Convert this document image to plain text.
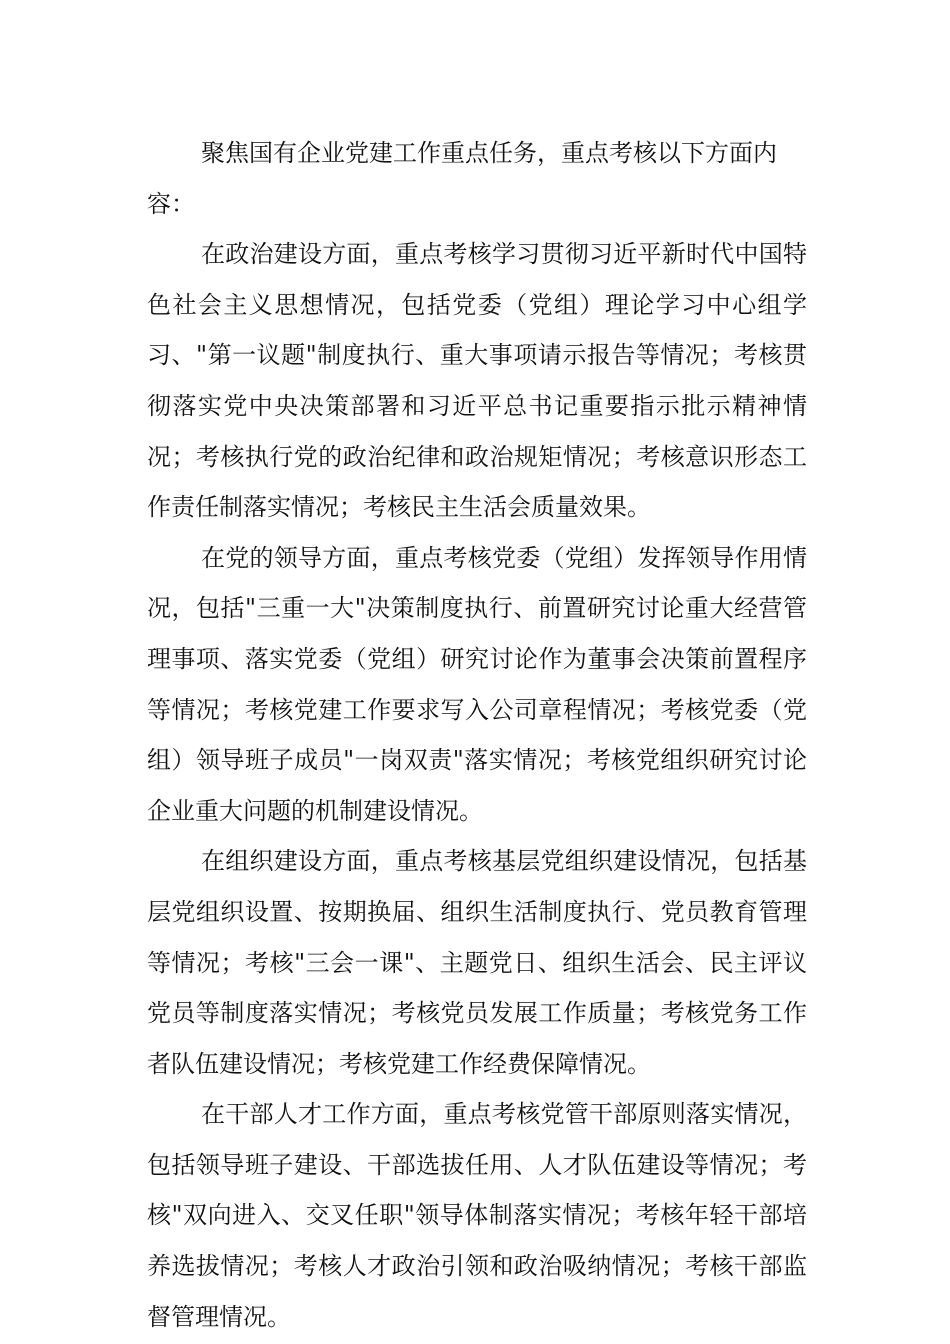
聚焦国有企业党建工作重点任务，重点考核以下方面内容：

在政治建设方面，重点考核学习贯彻习近平新时代中国特色社会主义思想情况，包括党委（党组）理论学习中心组学习、"第一议题"制度执行、重大事项请示报告等情况；考核贯彻落实党中央决策部署和习近平总书记重要指示批示精神情况；考核执行党的政治纪律和政治规矩情况；考核意识形态工作责任制落实情况；考核民主生活会质量效果。

在党的领导方面，重点考核党委（党组）发挥领导作用情况，包括"三重一大"决策制度执行、前置研究讨论重大经营管理事项、落实党委（党组）研究讨论作为董事会决策前置程序等情况；考核党建工作要求写入公司章程情况；考核党委（党组）领导班子成员"一岗双责"落实情况；考核党组织研究讨论企业重大问题的机制建设情况。

在组织建设方面，重点考核基层党组织建设情况，包括基层党组织设置、按期换届、组织生活制度执行、党员教育管理等情况；考核"三会一课"、主题党日、组织生活会、民主评议党员等制度落实情况；考核党员发展工作质量；考核党务工作者队伍建设情况；考核党建工作经费保障情况。

在干部人才工作方面，重点考核党管干部原则落实情况，包括领导班子建设、干部选拔任用、人才队伍建设等情况；考核"双向进入、交叉任职"领导体制落实情况；考核年轻干部培养选拔情况；考核人才政治引领和政治吸纳情况；考核干部监督管理情况。
